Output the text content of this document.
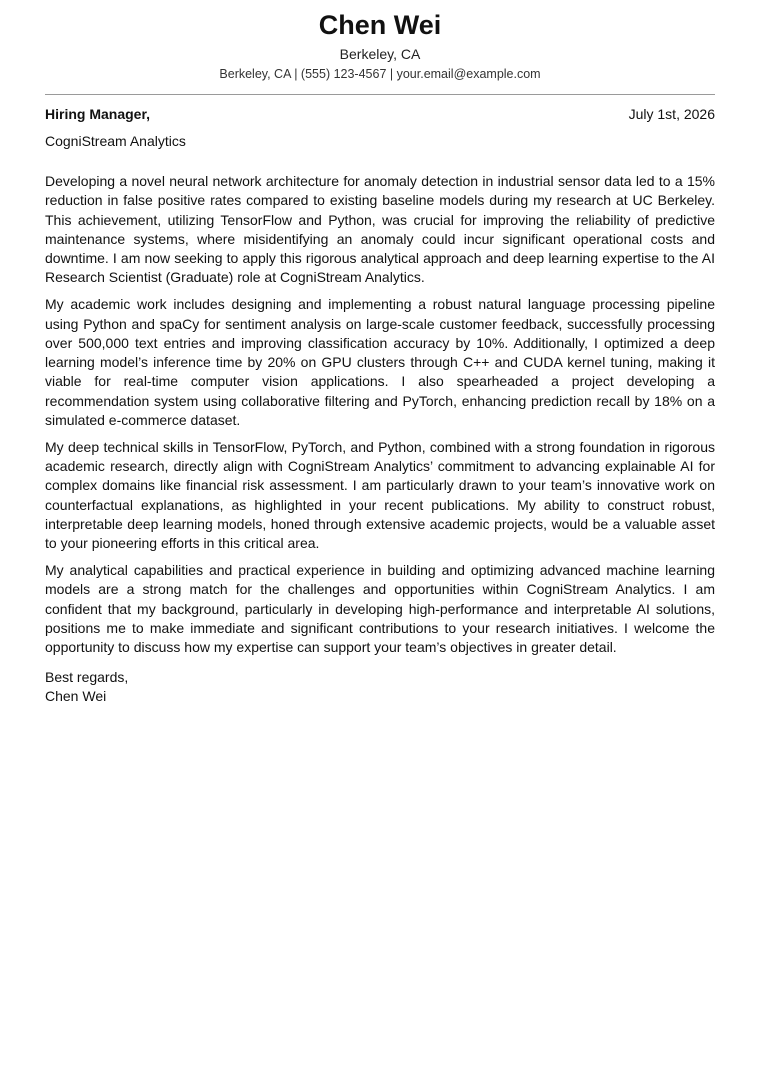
Chen Wei
Berkeley, CA
Berkeley, CA | (555) 123-4567 | your.email@example.com
Hiring Manager,	July 1st, 2026
CogniStream Analytics

Developing a novel neural network architecture for anomaly detection in industrial sensor data led to a 15% reduction in false positive rates compared to existing baseline models during my research at UC Berkeley. This achievement, utilizing TensorFlow and Python, was crucial for improving the reliability of predictive maintenance systems, where misidentifying an anomaly could incur significant operational costs and downtime. I am now seeking to apply this rigorous analytical approach and deep learning expertise to the AI Research Scientist (Graduate) role at CogniStream Analytics.

My academic work includes designing and implementing a robust natural language processing pipeline using Python and spaCy for sentiment analysis on large-scale customer feedback, successfully processing over 500,000 text entries and improving classification accuracy by 10%. Additionally, I optimized a deep learning model’s inference time by 20% on GPU clusters through C++ and CUDA kernel tuning, making it viable for real-time computer vision applications. I also spearheaded a project developing a recommendation system using collaborative filtering and PyTorch, enhancing prediction recall by 18% on a simulated e-commerce dataset.

My deep technical skills in TensorFlow, PyTorch, and Python, combined with a strong foundation in rigorous academic research, directly align with CogniStream Analytics’ commitment to advancing explainable AI for complex domains like financial risk assessment. I am particularly drawn to your team’s innovative work on counterfactual explanations, as highlighted in your recent publications. My ability to construct robust, interpretable deep learning models, honed through extensive academic projects, would be a valuable asset to your pioneering efforts in this critical area.

My analytical capabilities and practical experience in building and optimizing advanced machine learning models are a strong match for the challenges and opportunities within CogniStream Analytics. I am confident that my background, particularly in developing high-performance and interpretable AI solutions, positions me to make immediate and significant contributions to your research initiatives. I welcome the opportunity to discuss how my expertise can support your team’s objectives in greater detail.

Best regards,
Chen Wei
